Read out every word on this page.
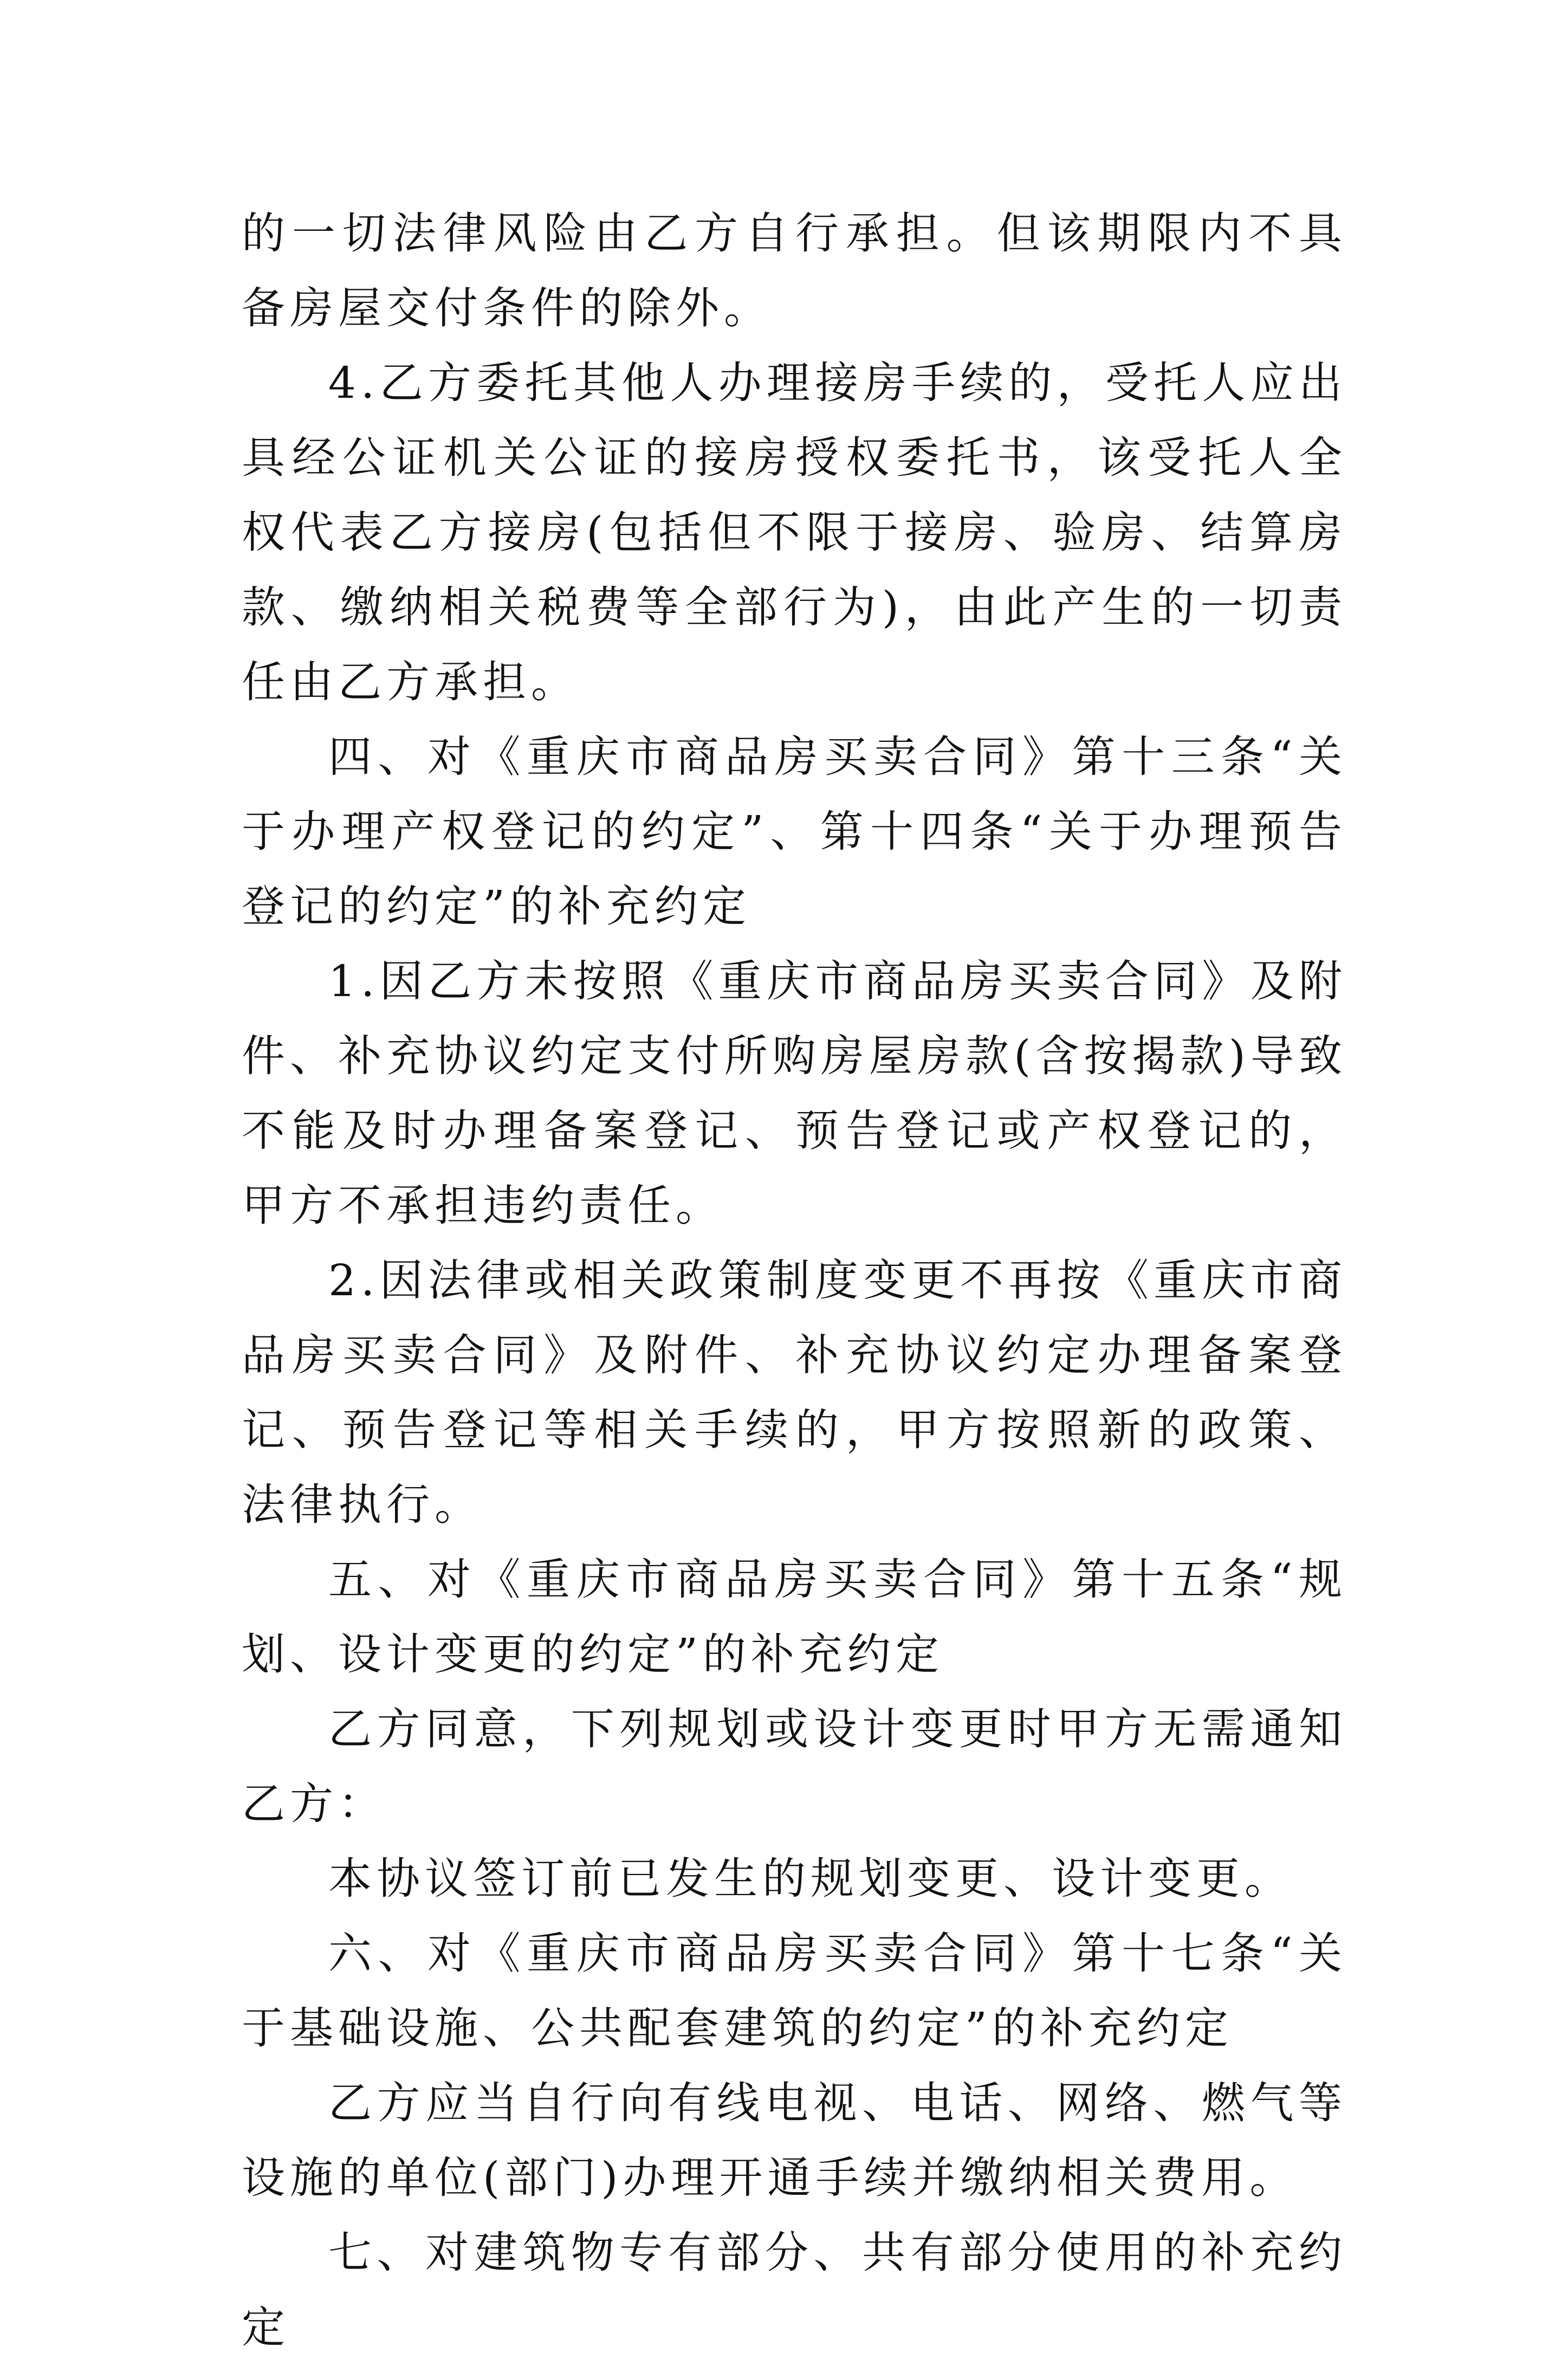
的一切法律风险由乙方自行承担。但该期限内不具备房屋交付条件的除外。

4.乙方委托其他人办理接房手续的，受托人应出具经公证机关公证的接房授权委托书，该受托人全权代表乙方接房(包括但不限于接房、验房、结算房款、缴纳相关税费等全部行为)，由此产生的一切责任由乙方承担。

四、对《重庆市商品房买卖合同》第十三条“关于办理产权登记的约定”、第十四条“关于办理预告登记的约定”的补充约定

1.因乙方未按照《重庆市商品房买卖合同》及附件、补充协议约定支付所购房屋房款(含按揭款)导致不能及时办理备案登记、预告登记或产权登记的，甲方不承担违约责任。

2.因法律或相关政策制度变更不再按《重庆市商品房买卖合同》及附件、补充协议约定办理备案登记、预告登记等相关手续的，甲方按照新的政策、法律执行。

五、对《重庆市商品房买卖合同》第十五条“规划、设计变更的约定”的补充约定

乙方同意，下列规划或设计变更时甲方无需通知乙方：

本协议签订前已发生的规划变更、设计变更。

六、对《重庆市商品房买卖合同》第十七条“关于基础设施、公共配套建筑的约定”的补充约定

乙方应当自行向有线电视、电话、网络、燃气等设施的单位(部门)办理开通手续并缴纳相关费用。

七、对建筑物专有部分、共有部分使用的补充约定
